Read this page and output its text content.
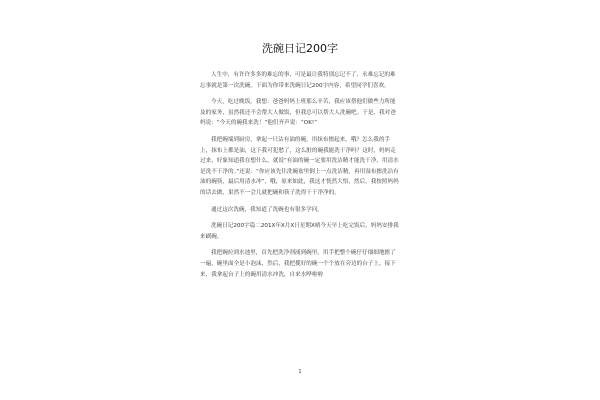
洗碗日记200字

人生中，有许许多多的难忘的事，可是最让我特别忘记不了、永难忘记的难忘事就是第一次洗碗。下面为你带来洗碗日记200字内容，希望同学们喜欢。

今天，吃过晚饭，我想：爸爸妈妈上班那么辛苦，我应该帮他们做些力所能及的家务，虽然我还不会帮大人做饭，但我总可以帮大人洗碗吧。于是，我对爸妈说：“今天的碗我来洗！”他们齐声说：“OK!”

我把碗端到厨房，拿起一只沾有油的碗，用抹布擦起来，哦？怎么我的手上，抹布上都是油，这下我可犯愁了，这么脏的碗我能洗干净吗？这时，妈妈走过来，好象知道我在想什么，就说“有油的碗一定要用洗洁精才能洗干净，用清水是洗不干净的。”还说：“你应该先往洗碗盆里倒上一点洗洁精，再用湿布擦洗沾有油的碗筷，最后用清水冲”，哦，原来如此，我这才恍然大悟，然后，我按照妈妈的话去做，果然不一会儿就把碗和筷子洗得干干净净的。

通过这次洗碗，我知道了洗碗也有很多学问。

洗碗日记200字篇二201X年X月X日星期X晴今天早上吃完饭后，妈妈安排我来刷碗。

我把碗拉到水池里，首先把洗净剂涌到碗里，用手把整个碗仔仔细细地擦了一遍，碗里面全是小泡沫，然后，我把揽好的碗一个个放在旁边的台子上，接下来，我拿起台子上的碗用清水冲洗，自来水哗啦啦

1
